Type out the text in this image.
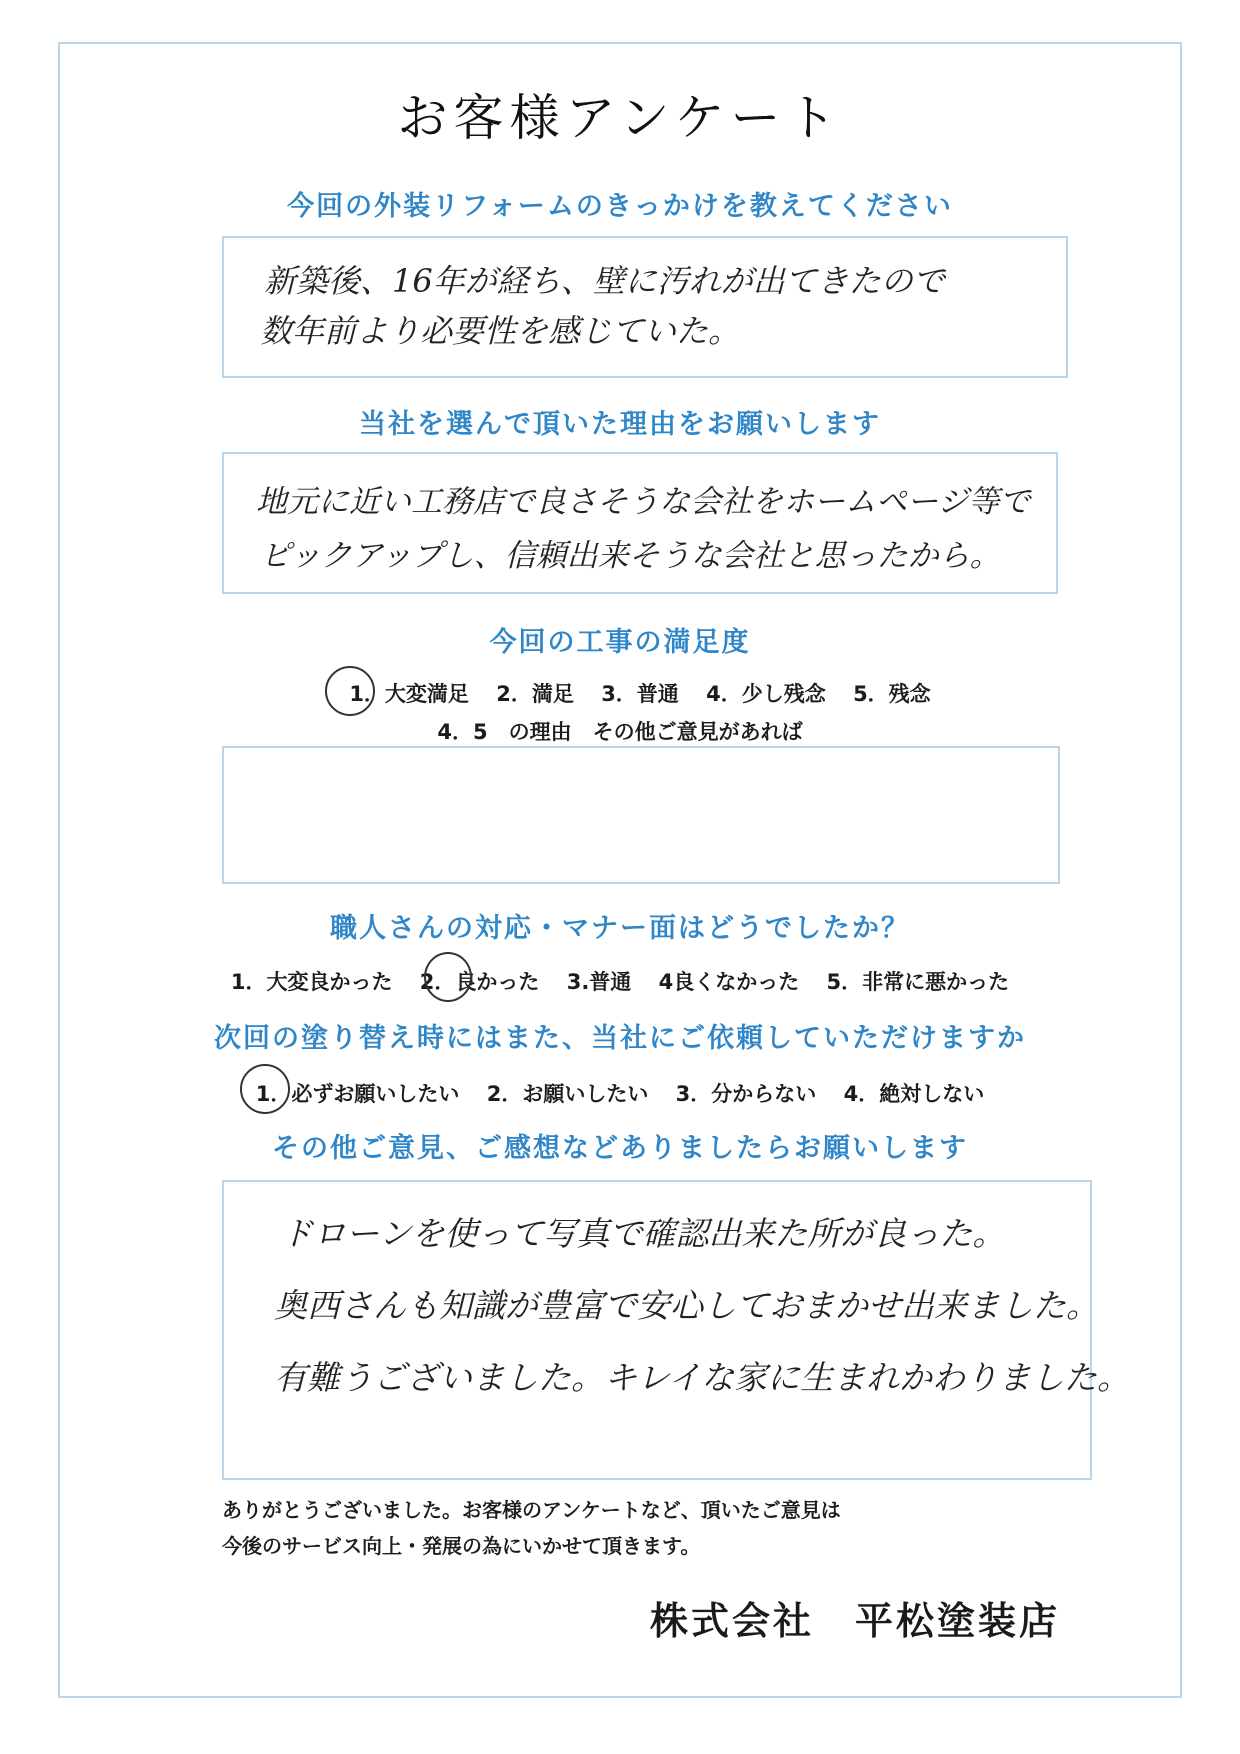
お客様アンケート
今回の外装リフォームのきっかけを教えてください
新築後、16年が経ち、壁に汚れが出てきたので
数年前より必要性を感じていた。
当社を選んで頂いた理由をお願いします
地元に近い工務店で良さそうな会社をホームページ等で
ピックアップし、信頼出来そうな会社と思ったから。
今回の工事の満足度
1．大変満足 2．満足 3．普通 4．少し残念 5．残念
4．5　の理由　その他ご意見があれば
職人さんの対応・マナー面はどうでしたか？
1．大変良かった 2．良かった 3.普通 4良くなかった 5．非常に悪かった
次回の塗り替え時にはまた、当社にご依頼していただけますか
1．必ずお願いしたい 2．お願いしたい 3．分からない 4．絶対しない
その他ご意見、ご感想などありましたらお願いします
ドローンを使って写真で確認出来た所が良った。
奥西さんも知識が豊富で安心しておまかせ出来ました。
有難うございました。キレイな家に生まれかわりました。
ありがとうございました。お客様のアンケートなど、頂いたご意見は
今後のサービス向上・発展の為にいかせて頂きます。
株式会社　平松塗装店
